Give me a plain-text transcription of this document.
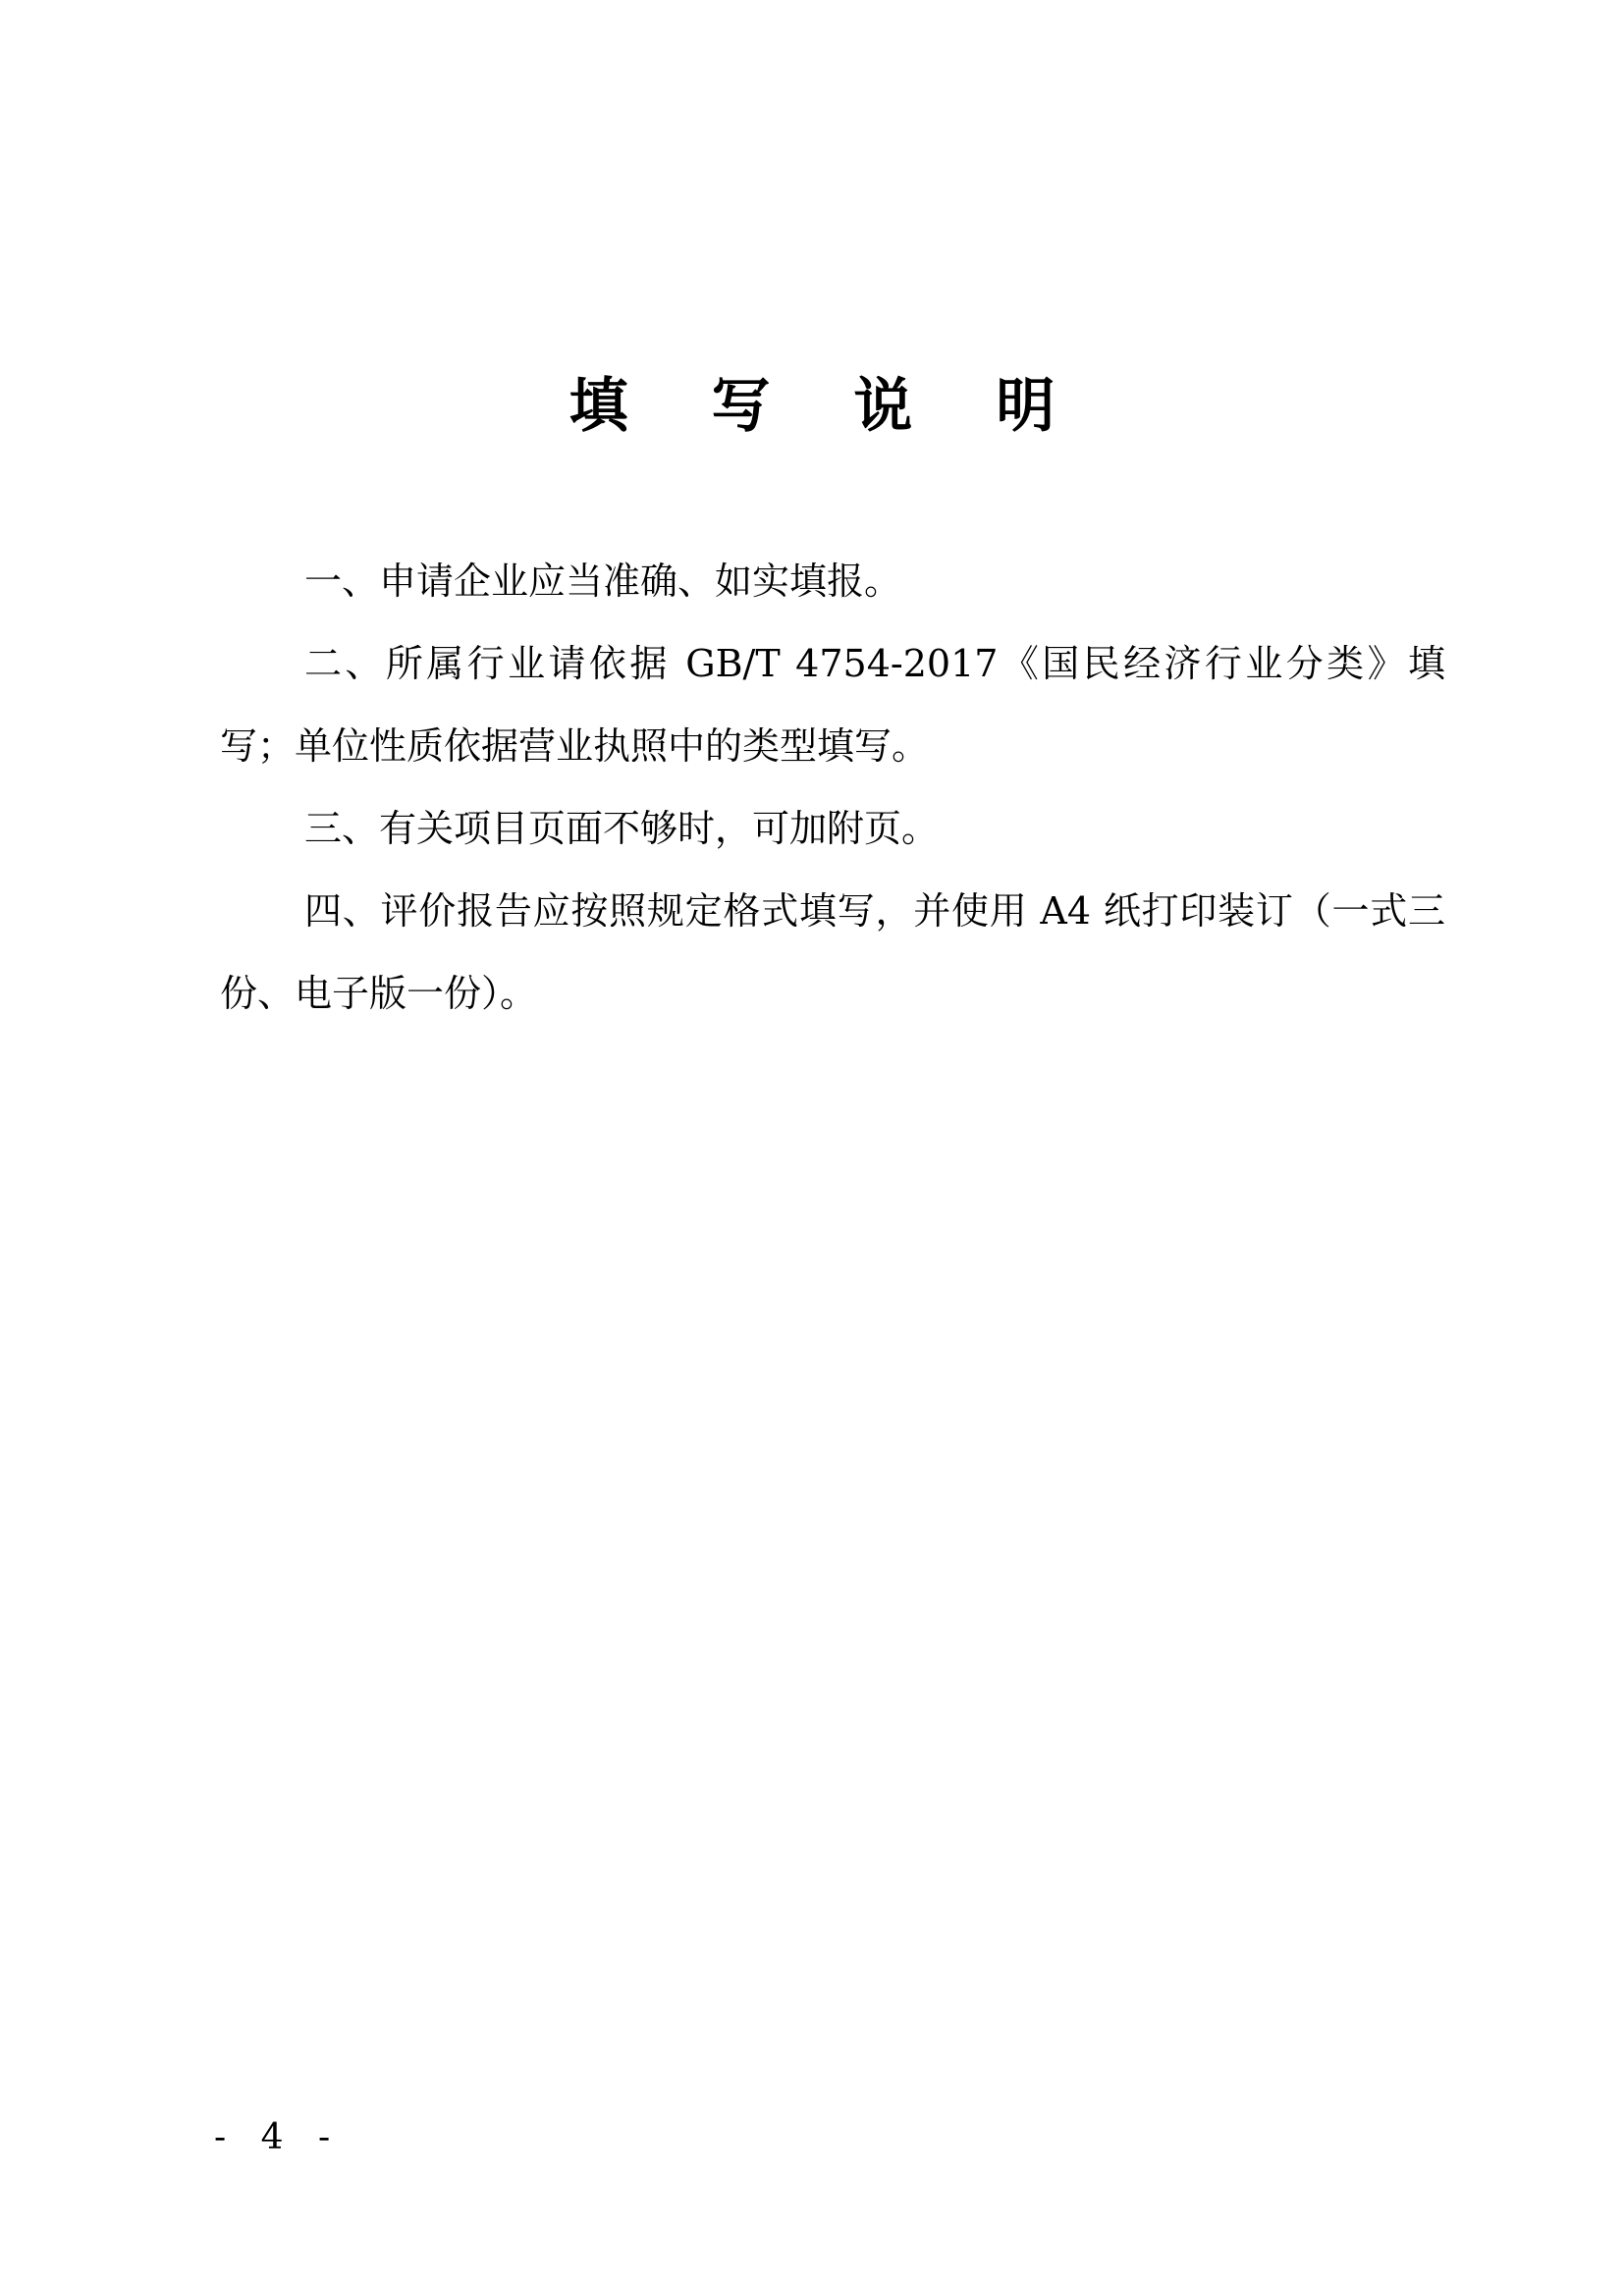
填 写 说 明

一、申请企业应当准确、如实填报。

二、所属行业请依据 GB/T 4754-2017《国民经济行业分类》填写；单位性质依据营业执照中的类型填写。

三、有关项目页面不够时，可加附页。

四、评价报告应按照规定格式填写，并使用 A4 纸打印装订（一式三份、电子版一份）。

- 4 -
